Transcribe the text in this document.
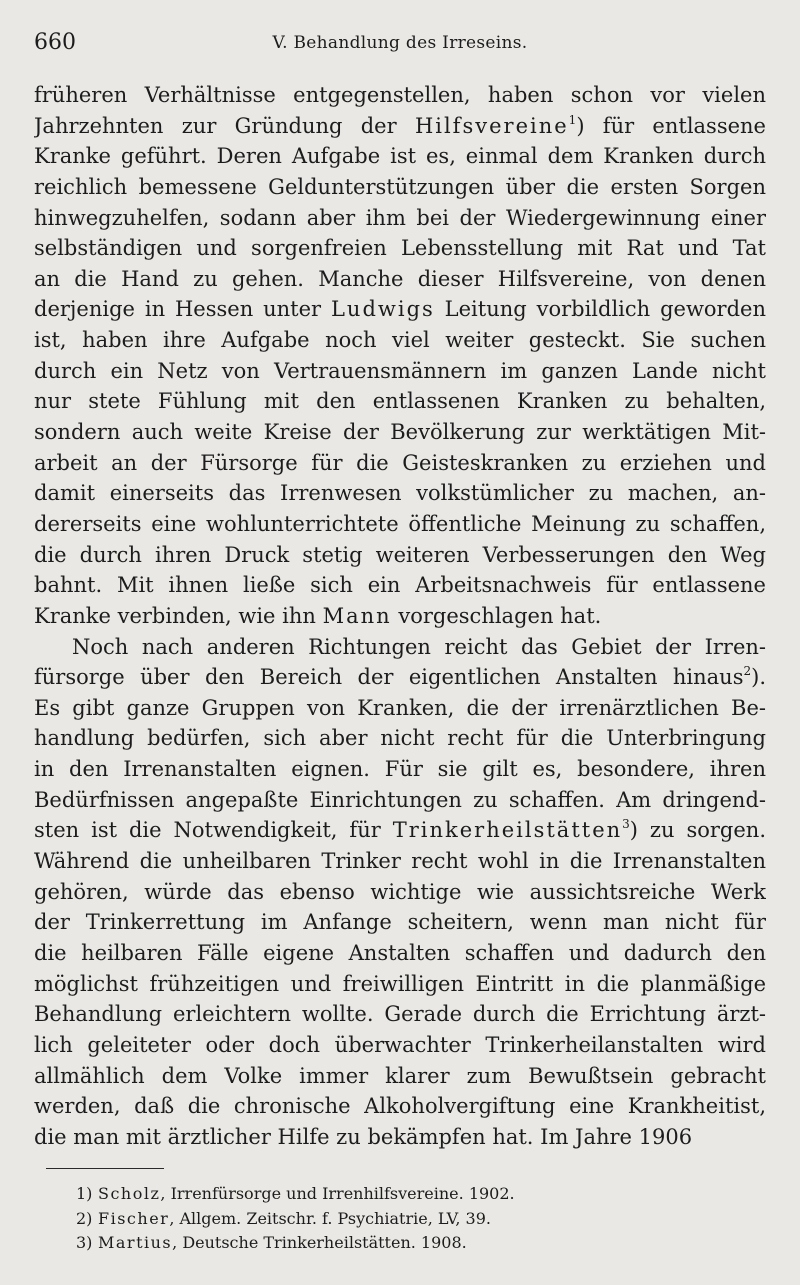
660	V. Behandlung des Irreseins.
früheren Verhältnisse entgegenstellen, haben schon vor vielen
Jahrzehnten zur Gründung der Hilfsvereine$^1$) für entlassene
Kranke geführt. Deren Aufgabe ist es, einmal dem Kranken durch
reichlich bemessene Geldunterstützungen über die ersten Sorgen
hinwegzuhelfen, sodann aber ihm bei der Wiedergewinnung einer
selbständigen und sorgenfreien Lebensstellung mit Rat und Tat
an die Hand zu gehen. Manche dieser Hilfsvereine, von denen
derjenige in Hessen unter Ludwigs Leitung vorbildlich geworden
ist, haben ihre Aufgabe noch viel weiter gesteckt. Sie suchen
durch ein Netz von Vertrauensmännern im ganzen Lande nicht
nur stete Fühlung mit den entlassenen Kranken zu behalten,
sondern auch weite Kreise der Bevölkerung zur werktätigen Mit-
arbeit an der Fürsorge für die Geisteskranken zu erziehen und
damit einerseits das Irrenwesen volkstümlicher zu machen, an-
dererseits eine wohlunterrichtete öffentliche Meinung zu schaffen,
die durch ihren Druck stetig weiteren Verbesserungen den Weg
bahnt. Mit ihnen ließe sich ein Arbeitsnachweis für entlassene
Kranke verbinden, wie ihn Mann vorgeschlagen hat.
Noch nach anderen Richtungen reicht das Gebiet der Irren-
fürsorge über den Bereich der eigentlichen Anstalten hinaus$^2$).
Es gibt ganze Gruppen von Kranken, die der irrenärztlichen Be-
handlung bedürfen, sich aber nicht recht für die Unterbringung
in den Irrenanstalten eignen. Für sie gilt es, besondere, ihren
Bedürfnissen angepaßte Einrichtungen zu schaffen. Am dringend-
sten ist die Notwendigkeit, für Trinkerheilstätten$^3$) zu sorgen.
Während die unheilbaren Trinker recht wohl in die Irrenanstalten
gehören, würde das ebenso wichtige wie aussichtsreiche Werk
der Trinkerrettung im Anfange scheitern, wenn man nicht für
die heilbaren Fälle eigene Anstalten schaffen und dadurch den
möglichst frühzeitigen und freiwilligen Eintritt in die planmäßige
Behandlung erleichtern wollte. Gerade durch die Errichtung ärzt-
lich geleiteter oder doch überwachter Trinkerheilanstalten wird
allmählich dem Volke immer klarer zum Bewußtsein gebracht
werden, daß die chronische Alkoholvergiftung eine Krankheitist,
die man mit ärztlicher Hilfe zu bekämpfen hat. Im Jahre 1906
1) Scholz, Irrenfürsorge und Irrenhilfsvereine. 1902.
2) Fischer, Allgem. Zeitschr. f. Psychiatrie, LV, 39.
3) Martius, Deutsche Trinkerheilstätten. 1908.
